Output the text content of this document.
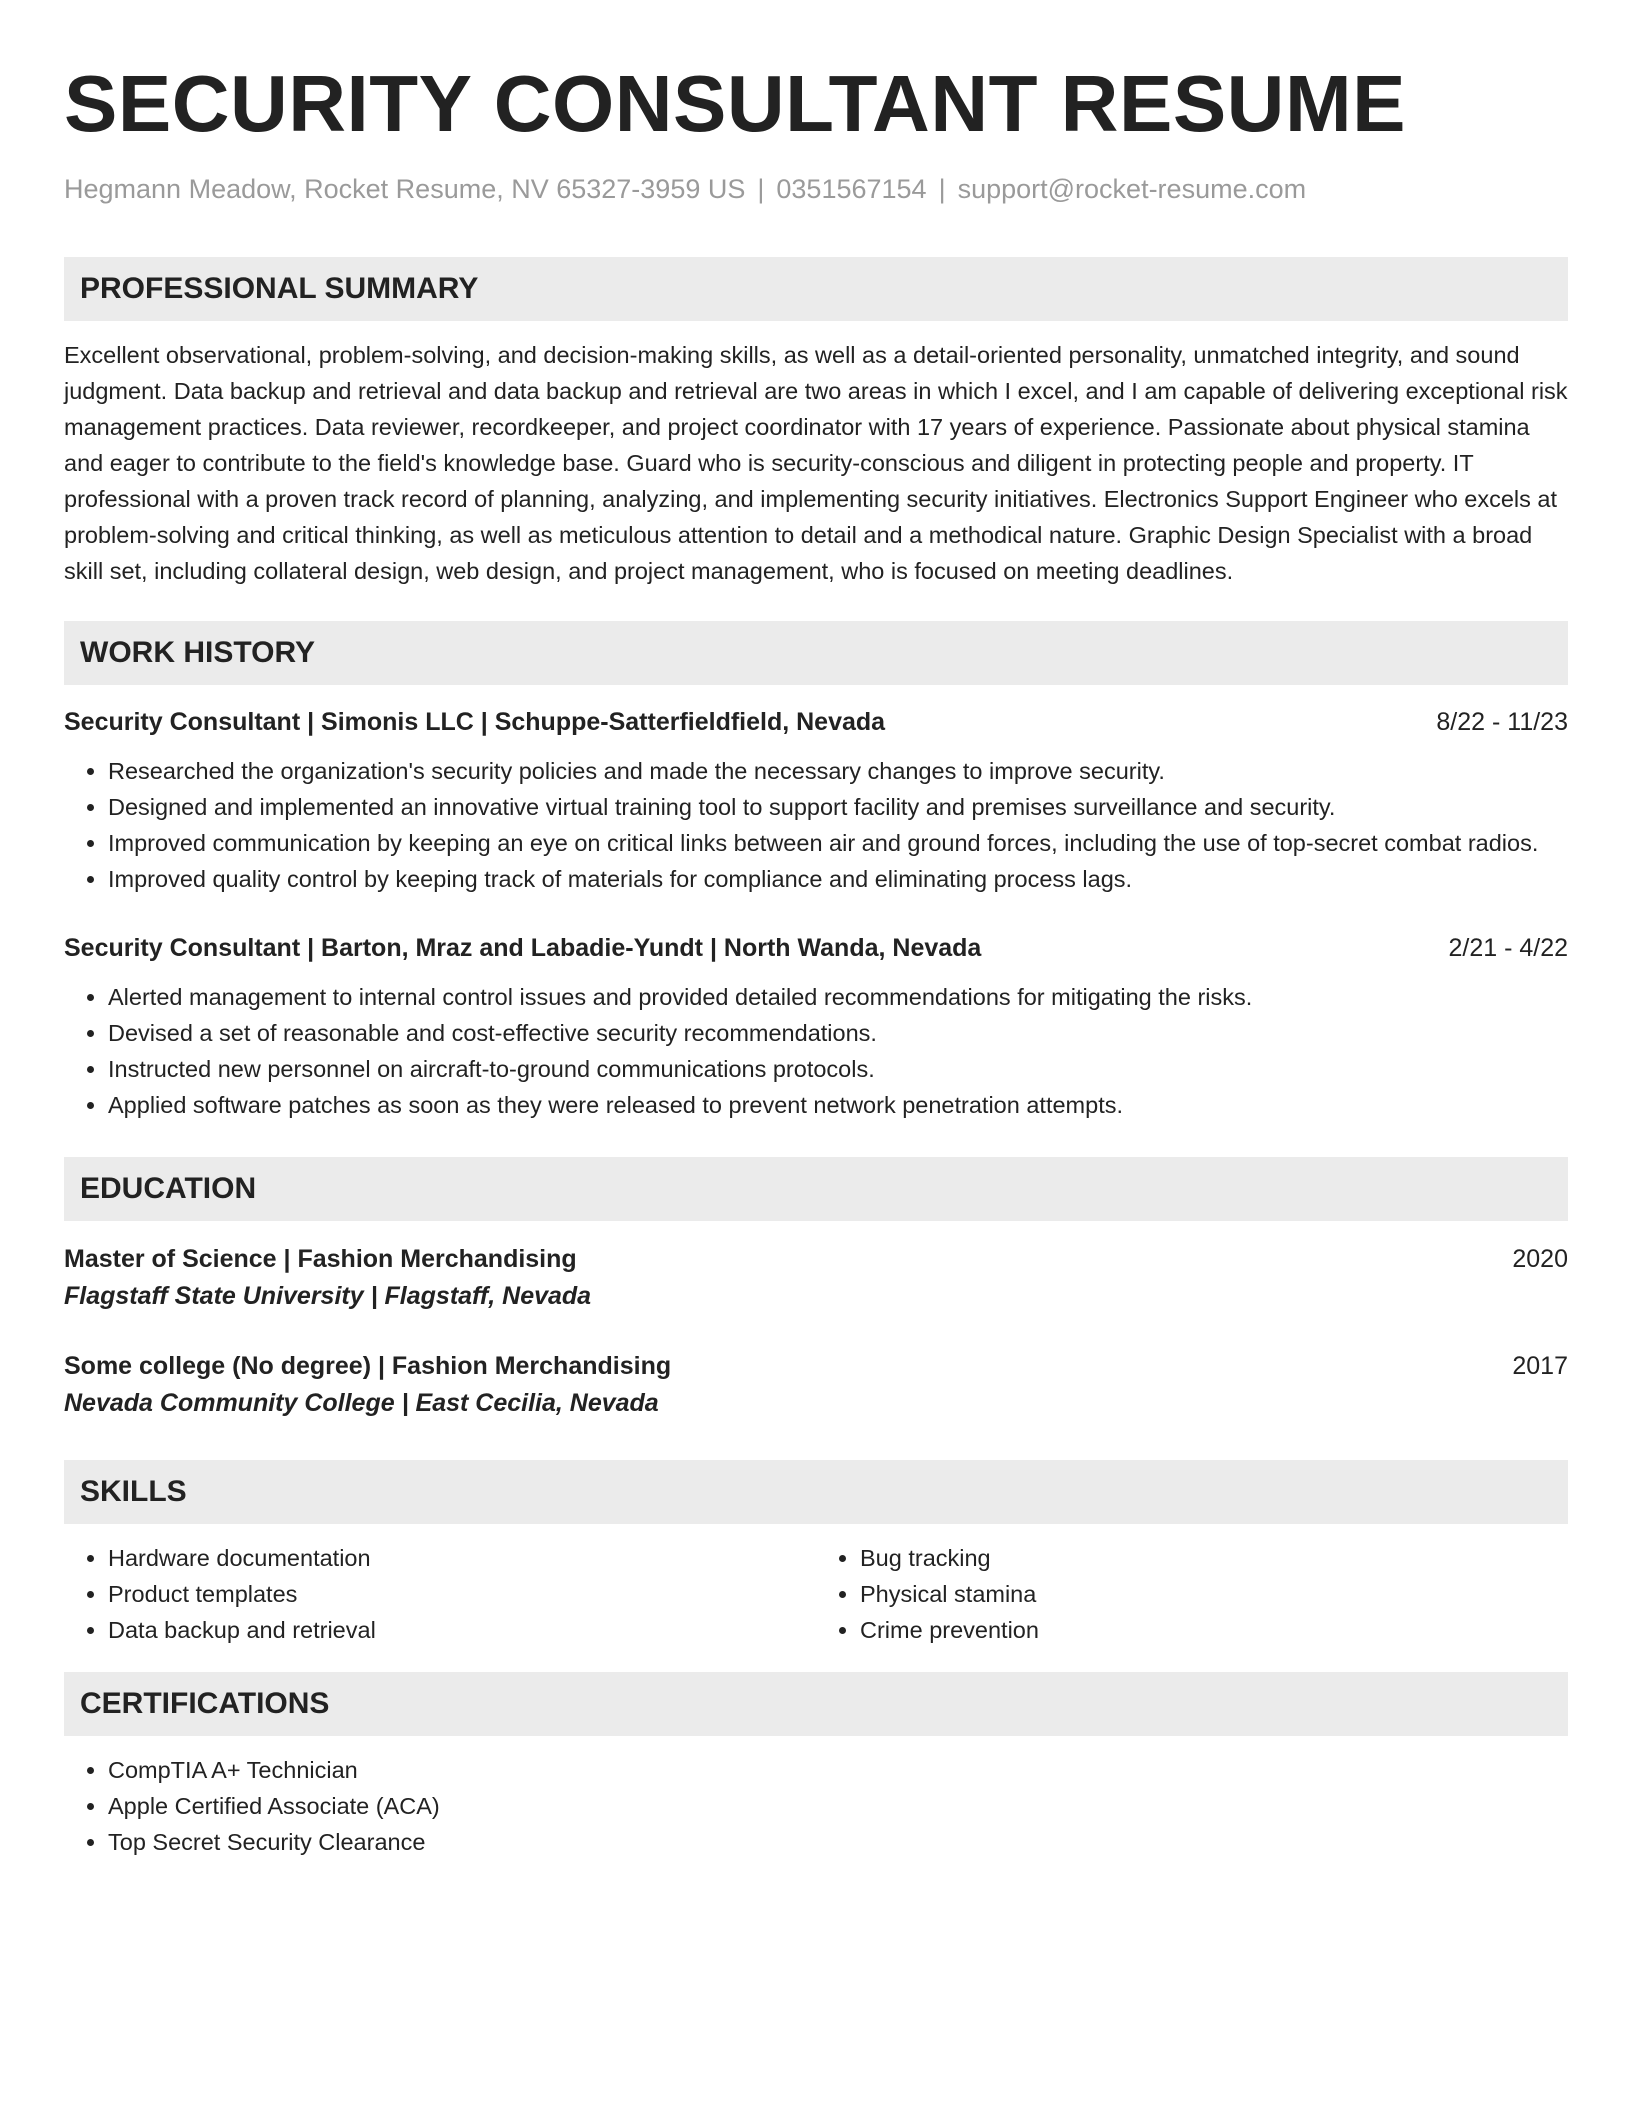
SECURITY CONSULTANT RESUME
Hegmann Meadow, Rocket Resume, NV 65327-3959 US | 0351567154 | support@rocket-resume.com
PROFESSIONAL SUMMARY

Excellent observational, problem-solving, and decision-making skills, as well as a detail-oriented personality, unmatched integrity, and sound judgment. Data backup and retrieval and data backup and retrieval are two areas in which I excel, and I am capable of delivering exceptional risk management practices. Data reviewer, recordkeeper, and project coordinator with 17 years of experience. Passionate about physical stamina and eager to contribute to the field's knowledge base. Guard who is security-conscious and diligent in protecting people and property. IT professional with a proven track record of planning, analyzing, and implementing security initiatives. Electronics Support Engineer who excels at problem-solving and critical thinking, as well as meticulous attention to detail and a methodical nature. Graphic Design Specialist with a broad skill set, including collateral design, web design, and project management, who is focused on meeting deadlines.

WORK HISTORY
Security Consultant | Simonis LLC | Schuppe-Satterfieldfield, Nevada	8/22 - 11/23
• Researched the organization's security policies and made the necessary changes to improve security.
• Designed and implemented an innovative virtual training tool to support facility and premises surveillance and security.
• Improved communication by keeping an eye on critical links between air and ground forces, including the use of top-secret combat radios.
• Improved quality control by keeping track of materials for compliance and eliminating process lags.
Security Consultant | Barton, Mraz and Labadie-Yundt | North Wanda, Nevada	2/21 - 4/22
• Alerted management to internal control issues and provided detailed recommendations for mitigating the risks.
• Devised a set of reasonable and cost-effective security recommendations.
• Instructed new personnel on aircraft-to-ground communications protocols.
• Applied software patches as soon as they were released to prevent network penetration attempts.
EDUCATION
Master of Science | Fashion Merchandising	2020
Flagstaff State University | Flagstaff, Nevada
Some college (No degree) | Fashion Merchandising	2017
Nevada Community College | East Cecilia, Nevada
SKILLS
• Hardware documentation
• Product templates
• Data backup and retrieval
• Bug tracking
• Physical stamina
• Crime prevention
CERTIFICATIONS
• CompTIA A+ Technician
• Apple Certified Associate (ACA)
• Top Secret Security Clearance
